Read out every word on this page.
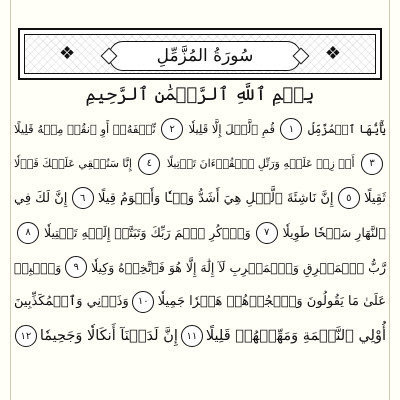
❖	سُورَةُ المُزَّمِّلِ	❖
بِسۡمِ ٱللَّهِ ٱلرَّحۡمَٰنِ ٱلرَّحِيمِ
يَٰٓأَيُّهَا ٱلۡمُزَّمِّلُ
١
قُمِ ٱلَّيۡلَ إِلَّا قَلِيلٗا
٢
نِّصۡفَهُۥٓ أَوِ ٱنقُصۡ مِنۡهُ قَلِيلًا
٣
أَوۡ زِدۡ عَلَيۡهِ وَرَتِّلِ ٱلۡقُرۡءَانَ تَرۡتِيلًا
٤
إِنَّا سَنُلۡقِي عَلَيۡكَ قَوۡلٗا
ثَقِيلًا
٥
إِنَّ نَاشِئَةَ ٱلَّيۡلِ هِيَ أَشَدُّ وَطۡـٔٗا وَأَقۡوَمُ قِيلًا
٦
إِنَّ لَكَ فِي
ٱلنَّهَارِ سَبۡحٗا طَوِيلٗا
٧
وَٱذۡكُرِ ٱسۡمَ رَبِّكَ وَتَبَتَّلۡ إِلَيۡهِ تَبۡتِيلٗا
٨
رَّبُّ ٱلۡمَشۡرِقِ وَٱلۡمَغۡرِبِ لَآ إِلَٰهَ إِلَّا هُوَ فَٱتَّخِذۡهُ وَكِيلٗا
٩
وَٱصۡبِرۡ
عَلَىٰ مَا يَقُولُونَ وَٱهۡجُرۡهُمۡ هَجۡرٗا جَمِيلٗا
١٠
وَذَرۡنِي وَٱلۡمُكَذِّبِينَ
أُوْلِي ٱلنَّعۡمَةِ وَمَهِّلۡهُمۡ قَلِيلًا
١١
إِنَّ لَدَيۡنَآ أَنكَالٗا وَجَحِيمٗا
١٢
